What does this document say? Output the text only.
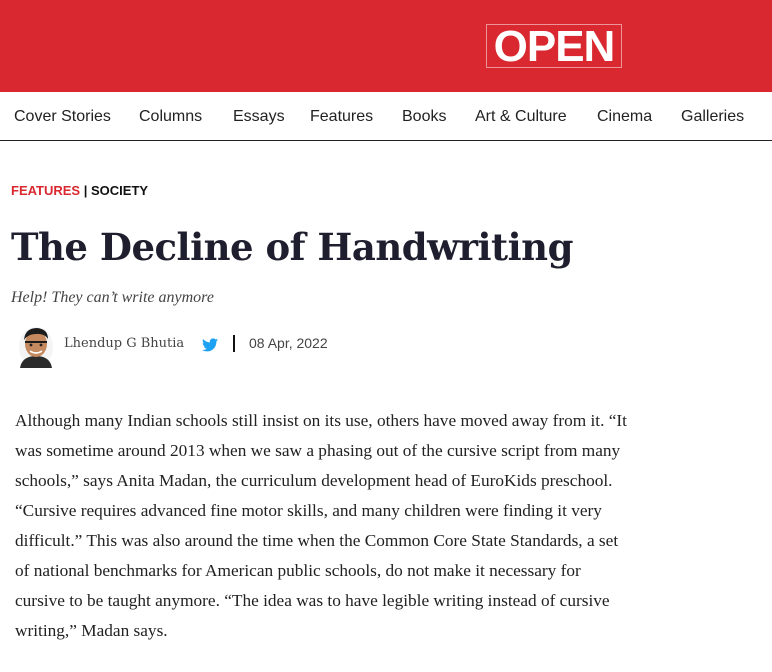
OPEN
Cover Stories Columns Essays Features Books Art & Culture Cinema Galleries
FEATURES | SOCIETY
The Decline of Handwriting
Help! They can’t write anymore
Lhendup G Bhutia	08 Apr, 2022

Although many Indian schools still insist on its use, others have moved away from it. “It
was sometime around 2013 when we saw a phasing out of the cursive script from many
schools,” says Anita Madan, the curriculum development head of EuroKids preschool.
“Cursive requires advanced fine motor skills, and many children were finding it very
difficult.” This was also around the time when the Common Core State Standards, a set
of national benchmarks for American public schools, do not make it necessary for
cursive to be taught anymore. “The idea was to have legible writing instead of cursive
writing,” Madan says.
